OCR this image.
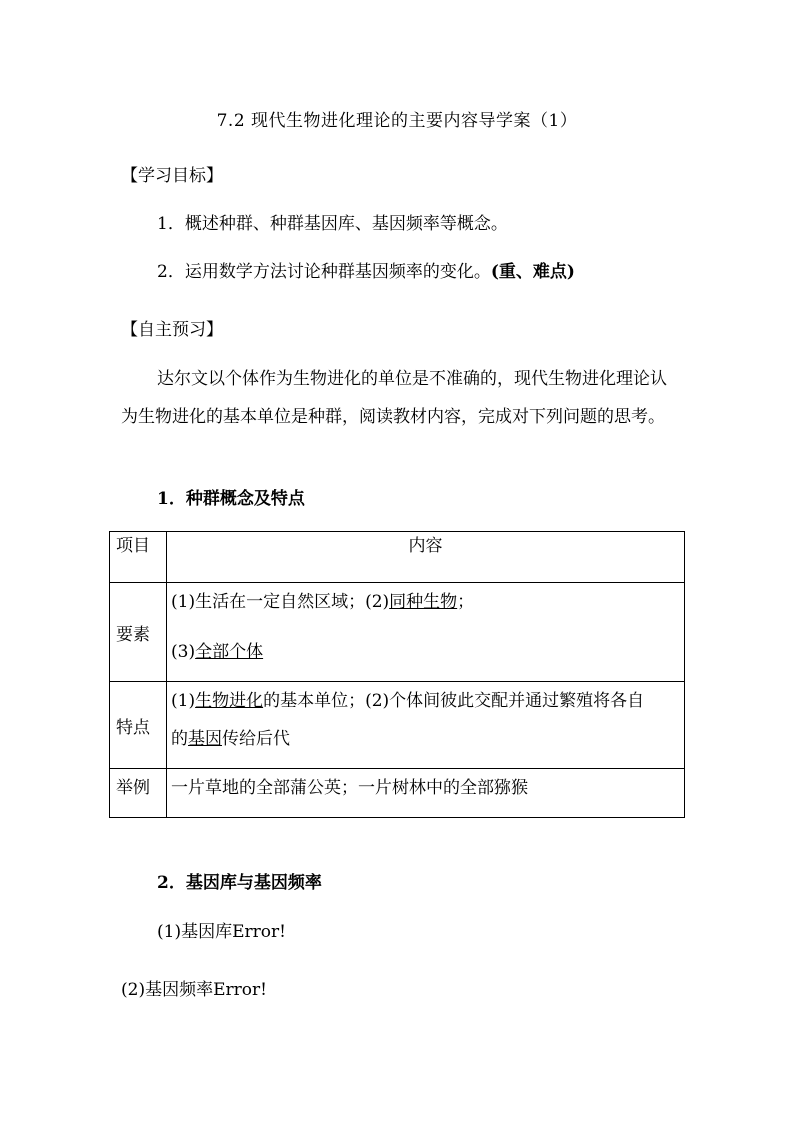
7.2 现代生物进化理论的主要内容导学案（1）
【学习目标】
1．概述种群、种群基因库、基因频率等概念。
2．运用数学方法讨论种群基因频率的变化。(重、难点)
【自主预习】
达尔文以个体作为生物进化的单位是不准确的，现代生物进化理论认为生物进化的基本单位是种群，阅读教材内容，完成对下列问题的思考。
1．种群概念及特点
项目	内容

要素	(1)生活在一定自然区域；(2)同种生物；
(3)全部个体

特点	(1)生物进化的基本单位；(2)个体间彼此交配并通过繁殖将各自
的基因传给后代

举例	一片草地的全部蒲公英；一片树林中的全部猕猴
2．基因库与基因频率
(1)基因库Error!
(2)基因频率Error!
